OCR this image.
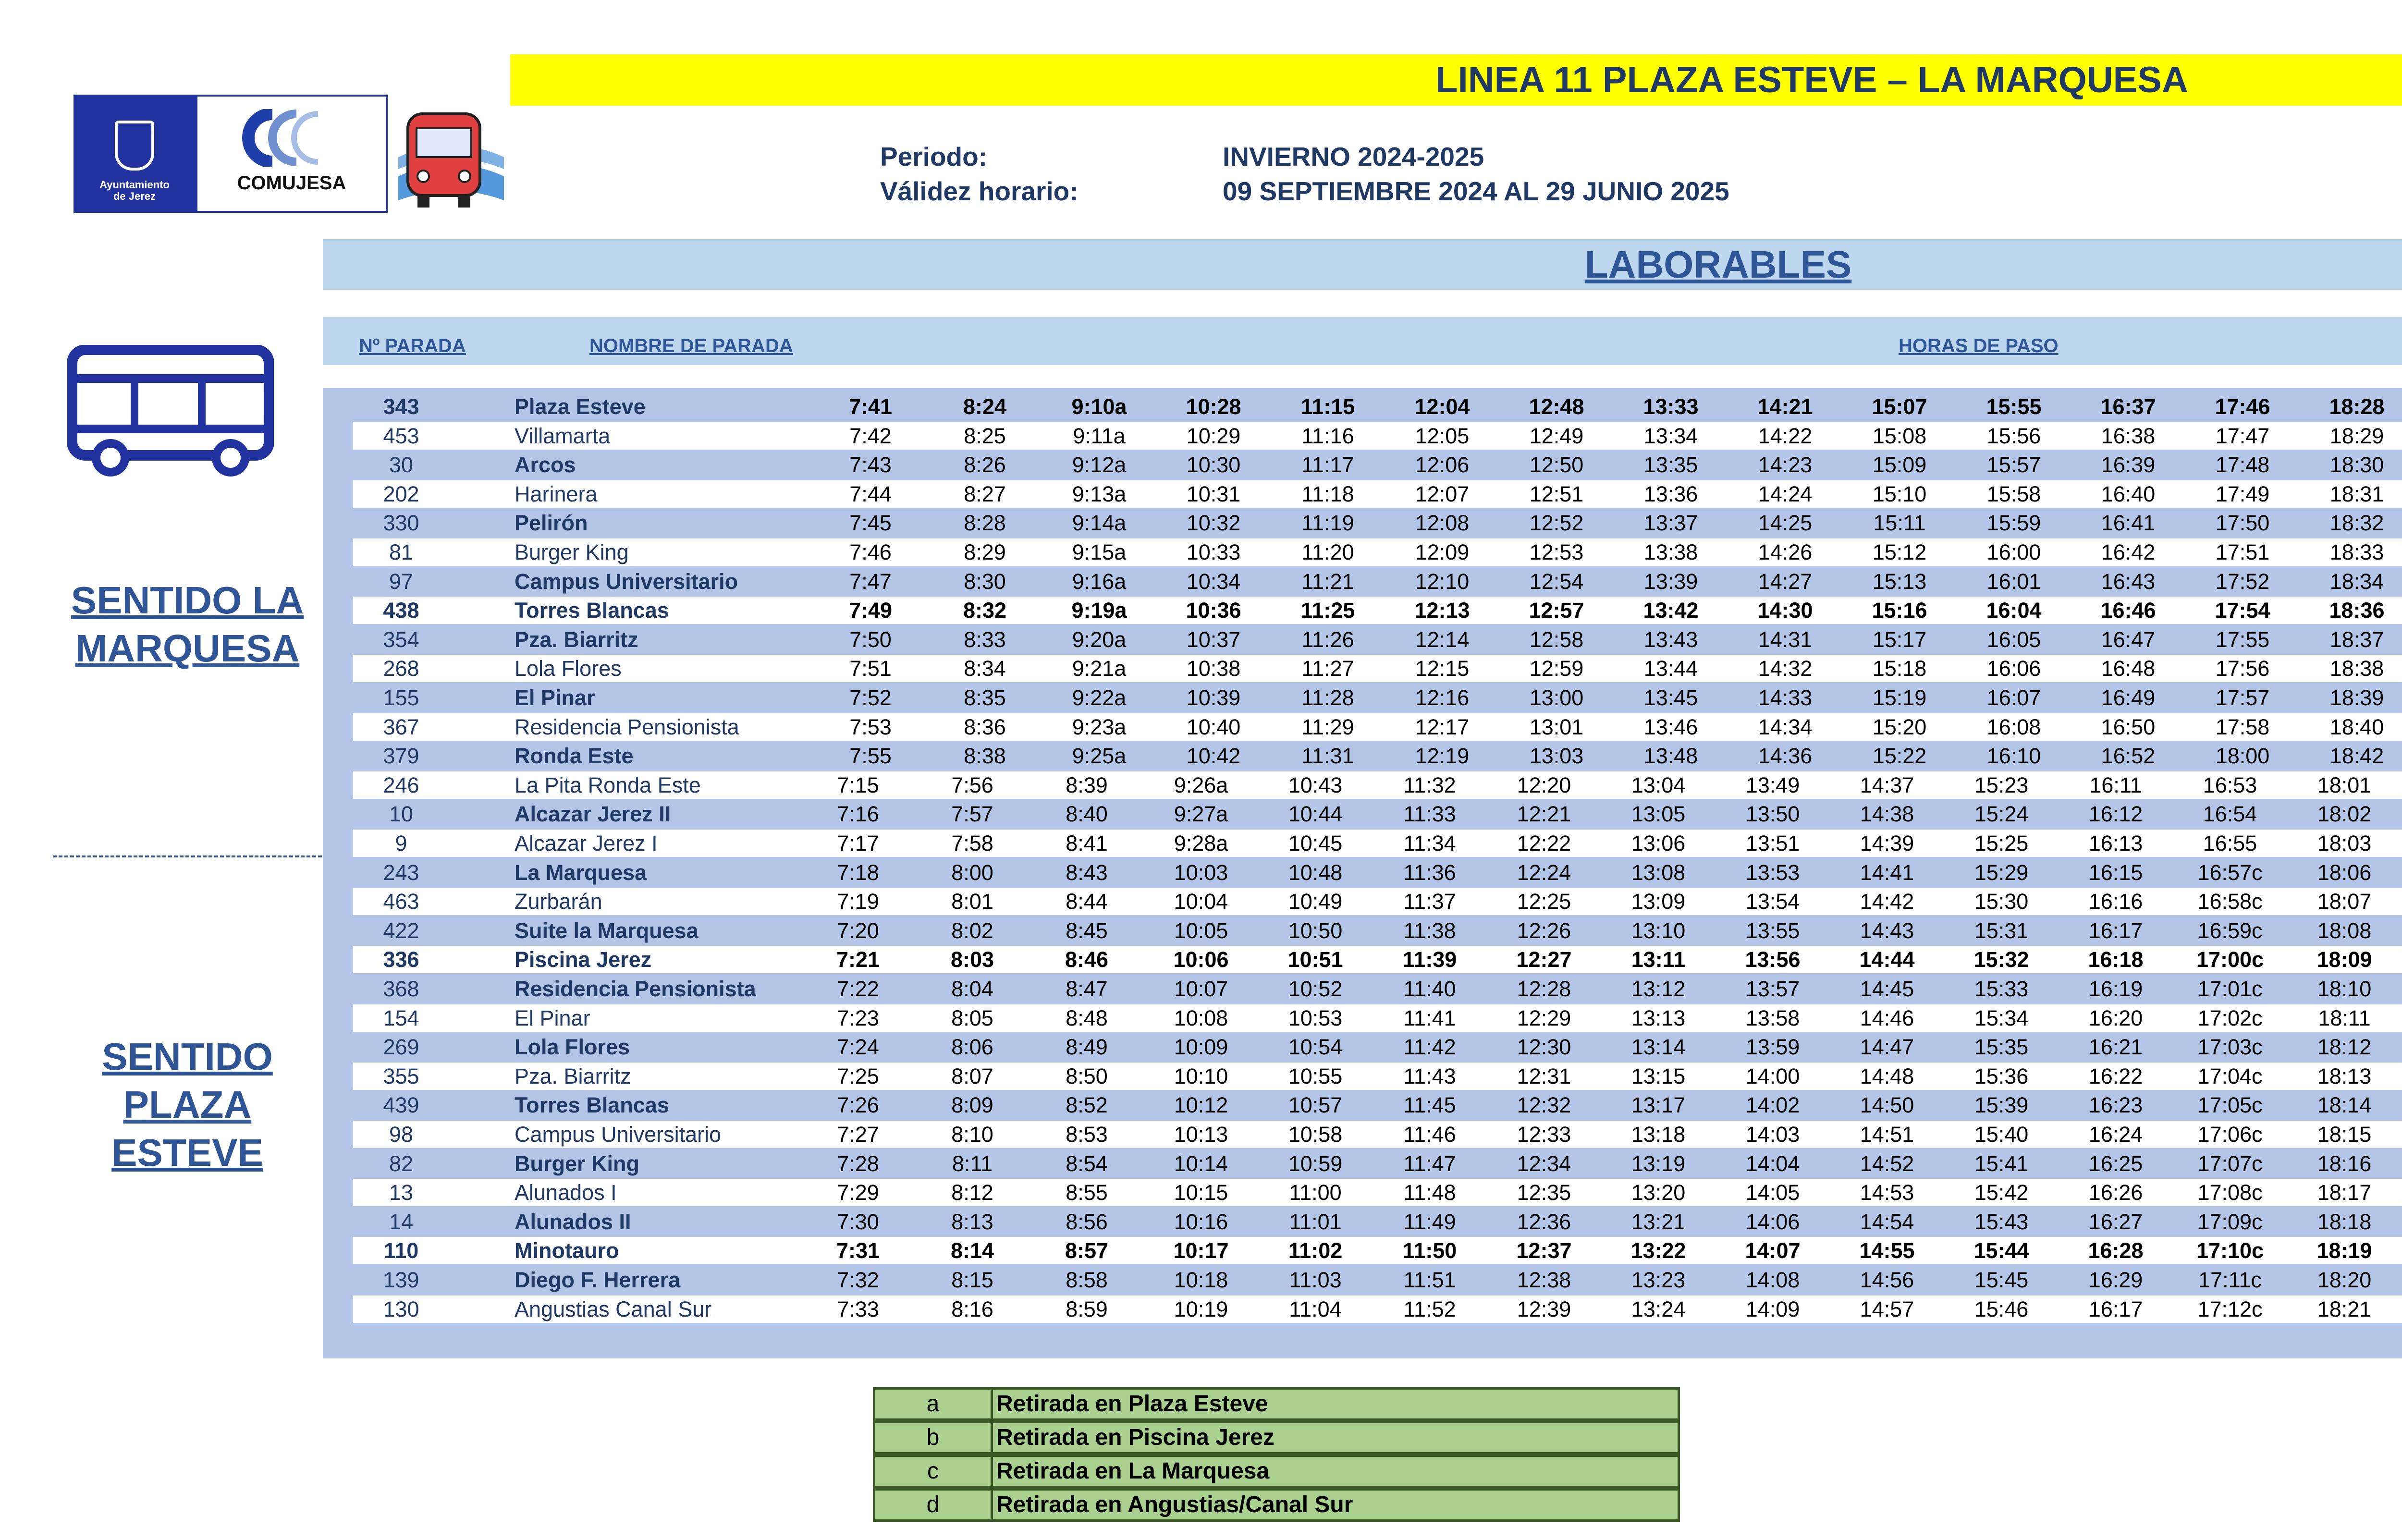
LINEA 11 PLAZA ESTEVE – LA MARQUESA
Ayuntamiento
de Jerez
COMUJESA
Periodo:	INVIERNO 2024-2025
Válidez horario:	09 SEPTIEMBRE 2024 AL 29 JUNIO 2025
LABORABLES
Nº PARADA	NOMBRE DE PARADA	HORAS DE PASO
343	Plaza Esteve	7:41	8:24	9:10a	10:28	11:15	12:04	12:48	13:33	14:21	15:07	15:55	16:37	17:46	18:28
453	Villamarta	7:42	8:25	9:11a	10:29	11:16	12:05	12:49	13:34	14:22	15:08	15:56	16:38	17:47	18:29
30	Arcos	7:43	8:26	9:12a	10:30	11:17	12:06	12:50	13:35	14:23	15:09	15:57	16:39	17:48	18:30
202	Harinera	7:44	8:27	9:13a	10:31	11:18	12:07	12:51	13:36	14:24	15:10	15:58	16:40	17:49	18:31
330	Pelirón	7:45	8:28	9:14a	10:32	11:19	12:08	12:52	13:37	14:25	15:11	15:59	16:41	17:50	18:32
81	Burger King	7:46	8:29	9:15a	10:33	11:20	12:09	12:53	13:38	14:26	15:12	16:00	16:42	17:51	18:33
97	Campus Universitario	7:47	8:30	9:16a	10:34	11:21	12:10	12:54	13:39	14:27	15:13	16:01	16:43	17:52	18:34
438	Torres Blancas	7:49	8:32	9:19a	10:36	11:25	12:13	12:57	13:42	14:30	15:16	16:04	16:46	17:54	18:36
354	Pza. Biarritz	7:50	8:33	9:20a	10:37	11:26	12:14	12:58	13:43	14:31	15:17	16:05	16:47	17:55	18:37
268	Lola Flores	7:51	8:34	9:21a	10:38	11:27	12:15	12:59	13:44	14:32	15:18	16:06	16:48	17:56	18:38
155	El Pinar	7:52	8:35	9:22a	10:39	11:28	12:16	13:00	13:45	14:33	15:19	16:07	16:49	17:57	18:39
367	Residencia Pensionista	7:53	8:36	9:23a	10:40	11:29	12:17	13:01	13:46	14:34	15:20	16:08	16:50	17:58	18:40
379	Ronda Este	7:55	8:38	9:25a	10:42	11:31	12:19	13:03	13:48	14:36	15:22	16:10	16:52	18:00	18:42
246	La Pita Ronda Este	7:15	7:56	8:39	9:26a	10:43	11:32	12:20	13:04	13:49	14:37	15:23	16:11	16:53	18:01
10	Alcazar Jerez II	7:16	7:57	8:40	9:27a	10:44	11:33	12:21	13:05	13:50	14:38	15:24	16:12	16:54	18:02
9	Alcazar Jerez I	7:17	7:58	8:41	9:28a	10:45	11:34	12:22	13:06	13:51	14:39	15:25	16:13	16:55	18:03
243	La Marquesa	7:18	8:00	8:43	10:03	10:48	11:36	12:24	13:08	13:53	14:41	15:29	16:15	16:57c	18:06
463	Zurbarán	7:19	8:01	8:44	10:04	10:49	11:37	12:25	13:09	13:54	14:42	15:30	16:16	16:58c	18:07
422	Suite la Marquesa	7:20	8:02	8:45	10:05	10:50	11:38	12:26	13:10	13:55	14:43	15:31	16:17	16:59c	18:08
336	Piscina Jerez	7:21	8:03	8:46	10:06	10:51	11:39	12:27	13:11	13:56	14:44	15:32	16:18	17:00c	18:09
368	Residencia Pensionista	7:22	8:04	8:47	10:07	10:52	11:40	12:28	13:12	13:57	14:45	15:33	16:19	17:01c	18:10
154	El Pinar	7:23	8:05	8:48	10:08	10:53	11:41	12:29	13:13	13:58	14:46	15:34	16:20	17:02c	18:11
269	Lola Flores	7:24	8:06	8:49	10:09	10:54	11:42	12:30	13:14	13:59	14:47	15:35	16:21	17:03c	18:12
355	Pza. Biarritz	7:25	8:07	8:50	10:10	10:55	11:43	12:31	13:15	14:00	14:48	15:36	16:22	17:04c	18:13
439	Torres Blancas	7:26	8:09	8:52	10:12	10:57	11:45	12:32	13:17	14:02	14:50	15:39	16:23	17:05c	18:14
98	Campus Universitario	7:27	8:10	8:53	10:13	10:58	11:46	12:33	13:18	14:03	14:51	15:40	16:24	17:06c	18:15
82	Burger King	7:28	8:11	8:54	10:14	10:59	11:47	12:34	13:19	14:04	14:52	15:41	16:25	17:07c	18:16
13	Alunados I	7:29	8:12	8:55	10:15	11:00	11:48	12:35	13:20	14:05	14:53	15:42	16:26	17:08c	18:17
14	Alunados II	7:30	8:13	8:56	10:16	11:01	11:49	12:36	13:21	14:06	14:54	15:43	16:27	17:09c	18:18
110	Minotauro	7:31	8:14	8:57	10:17	11:02	11:50	12:37	13:22	14:07	14:55	15:44	16:28	17:10c	18:19
139	Diego F. Herrera	7:32	8:15	8:58	10:18	11:03	11:51	12:38	13:23	14:08	14:56	15:45	16:29	17:11c	18:20
130	Angustias Canal Sur	7:33	8:16	8:59	10:19	11:04	11:52	12:39	13:24	14:09	14:57	15:46	16:17	17:12c	18:21
SENTIDO LA MARQUESA
SENTIDO PLAZA ESTEVE
a	Retirada en Plaza Esteve
b	Retirada en Piscina Jerez
c	Retirada en La Marquesa
d	Retirada en Angustias/Canal Sur
